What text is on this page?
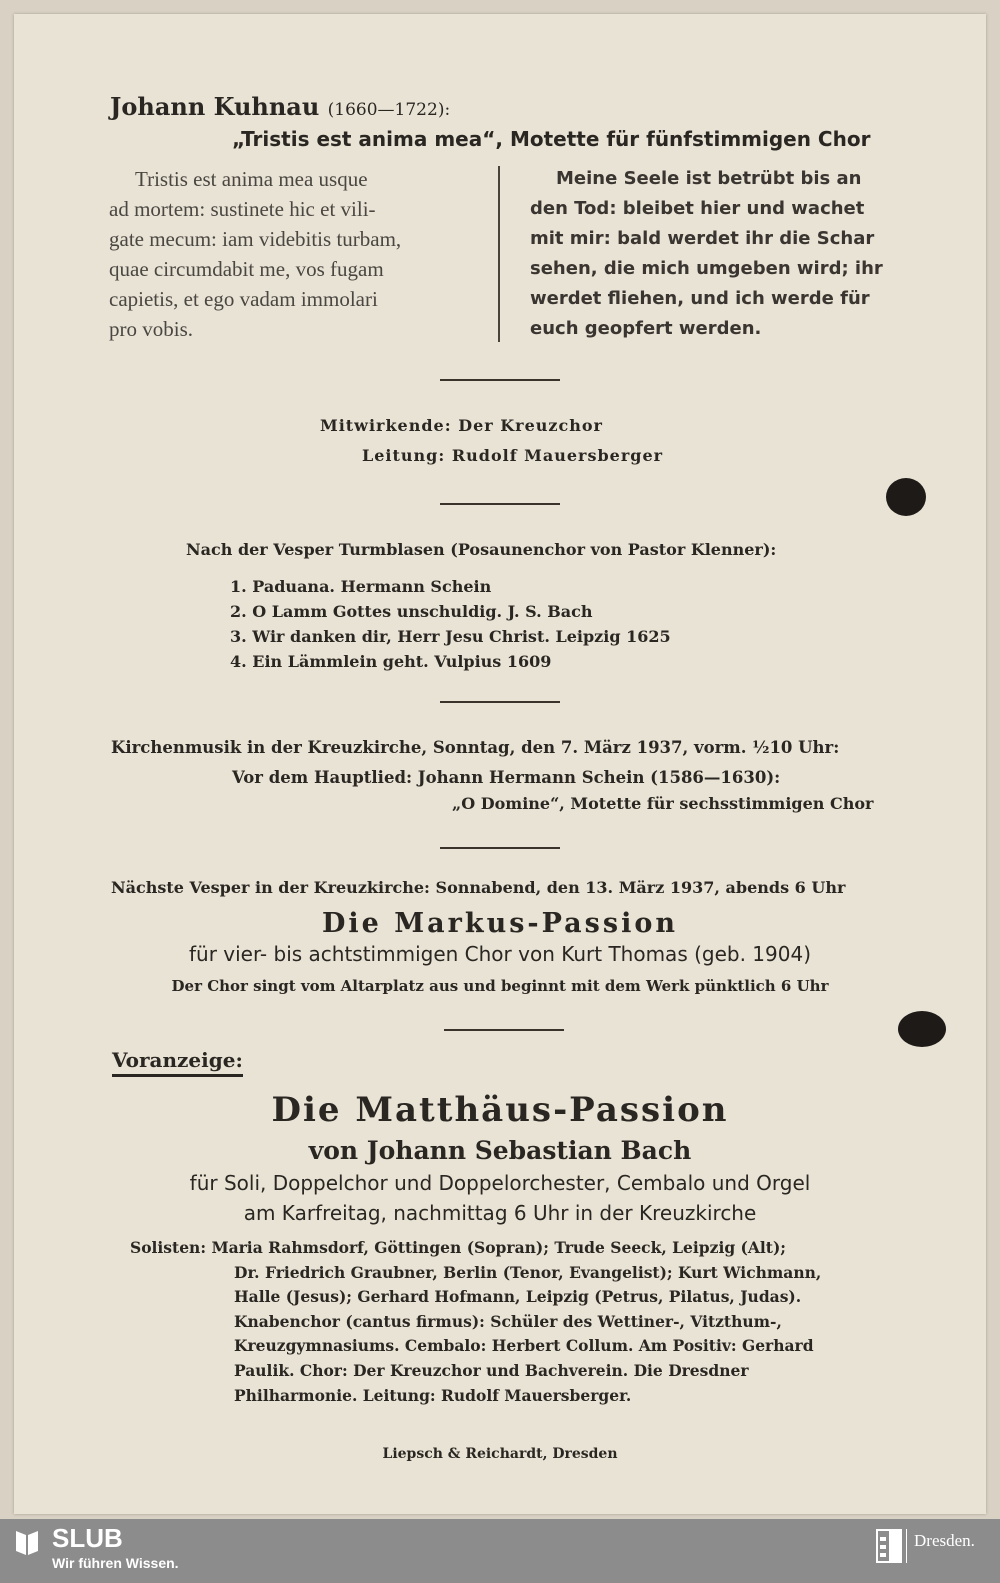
Johann Kuhnau (1660—1722):
„Tristis est anima mea“, Motette für fünfstimmigen Chor
Tristis est anima mea usque
ad mortem: sustinete hic et vili-
gate mecum: iam videbitis turbam,
quae circumdabit me, vos fugam
capietis, et ego vadam immolari
pro vobis.
Meine Seele ist betrübt bis an
den Tod: bleibet hier und wachet
mit mir: bald werdet ihr die Schar
sehen, die mich umgeben wird; ihr
werdet fliehen, und ich werde für
euch geopfert werden.
Mitwirkende: Der Kreuzchor
Leitung: Rudolf Mauersberger
Nach der Vesper Turmblasen (Posaunenchor von Pastor Klenner):
1. Paduana. Hermann Schein
2. O Lamm Gottes unschuldig. J. S. Bach
3. Wir danken dir, Herr Jesu Christ. Leipzig 1625
4. Ein Lämmlein geht. Vulpius 1609
Kirchenmusik in der Kreuzkirche, Sonntag, den 7. März 1937, vorm. ½10 Uhr:
Vor dem Hauptlied: Johann Hermann Schein (1586—1630):
„O Domine“, Motette für sechsstimmigen Chor
Nächste Vesper in der Kreuzkirche: Sonnabend, den 13. März 1937, abends 6 Uhr
Die Markus-Passion
für vier- bis achtstimmigen Chor von Kurt Thomas (geb. 1904)
Der Chor singt vom Altarplatz aus und beginnt mit dem Werk pünktlich 6 Uhr
Voranzeige:
Die Matthäus-Passion
von Johann Sebastian Bach
für Soli, Doppelchor und Doppelorchester, Cembalo und Orgel
am Karfreitag, nachmittag 6 Uhr in der Kreuzkirche
Solisten: Maria Rahmsdorf, Göttingen (Sopran); Trude Seeck, Leipzig (Alt);
Dr. Friedrich Graubner, Berlin (Tenor, Evangelist); Kurt Wichmann,
Halle (Jesus); Gerhard Hofmann, Leipzig (Petrus, Pilatus, Judas).
Knabenchor (cantus firmus): Schüler des Wettiner-, Vitzthum-,
Kreuzgymnasiums. Cembalo: Herbert Collum. Am Positiv: Gerhard
Paulik. Chor: Der Kreuzchor und Bachverein. Die Dresdner
Philharmonie. Leitung: Rudolf Mauersberger.
Liepsch & Reichardt, Dresden
SLUB
Wir führen Wissen.
Dresden.
